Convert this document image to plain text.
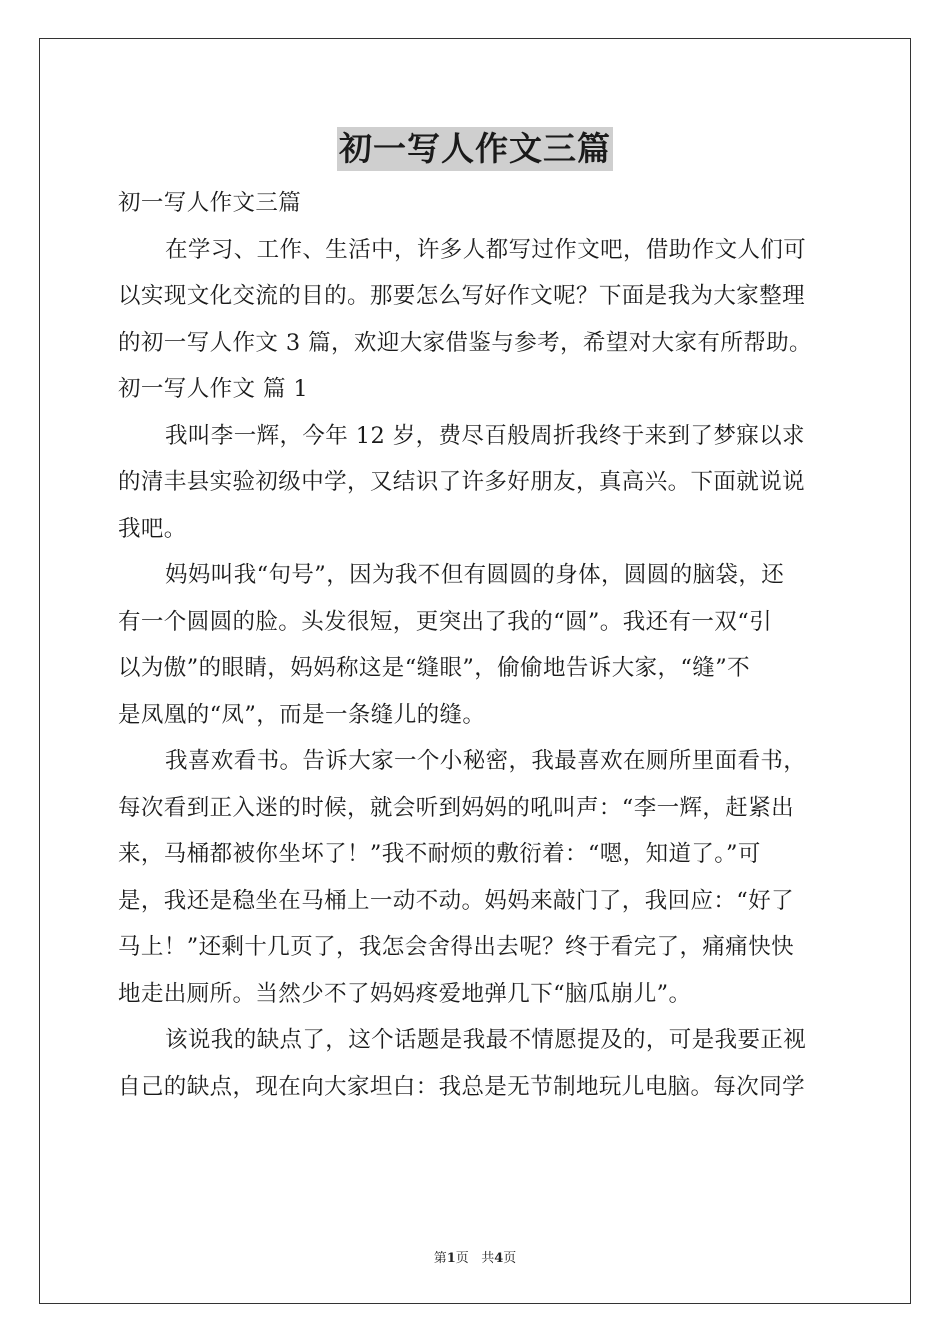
初一写人作文三篇
初一写人作文三篇
在学习、工作、生活中，许多人都写过作文吧，借助作文人们可
以实现文化交流的目的。那要怎么写好作文呢？下面是我为大家整理
的初一写人作文 3 篇，欢迎大家借鉴与参考，希望对大家有所帮助。
初一写人作文 篇 1
我叫李一辉，今年 12 岁，费尽百般周折我终于来到了梦寐以求
的清丰县实验初级中学，又结识了许多好朋友，真高兴。下面就说说
我吧。
妈妈叫我“句号”，因为我不但有圆圆的身体，圆圆的脑袋，还
有一个圆圆的脸。头发很短，更突出了我的“圆”。我还有一双“引
以为傲”的眼睛，妈妈称这是“缝眼”，偷偷地告诉大家，“缝”不
是凤凰的“凤”，而是一条缝儿的缝。
我喜欢看书。告诉大家一个小秘密，我最喜欢在厕所里面看书，
每次看到正入迷的时候，就会听到妈妈的吼叫声：“李一辉，赶紧出
来，马桶都被你坐坏了！”我不耐烦的敷衍着：“嗯，知道了。”可
是，我还是稳坐在马桶上一动不动。妈妈来敲门了，我回应：“好了
马上！”还剩十几页了，我怎会舍得出去呢？终于看完了，痛痛快快
地走出厕所。当然少不了妈妈疼爱地弹几下“脑瓜崩儿”。
该说我的缺点了，这个话题是我最不情愿提及的，可是我要正视
自己的缺点，现在向大家坦白：我总是无节制地玩儿电脑。每次同学
第1页 共4页
